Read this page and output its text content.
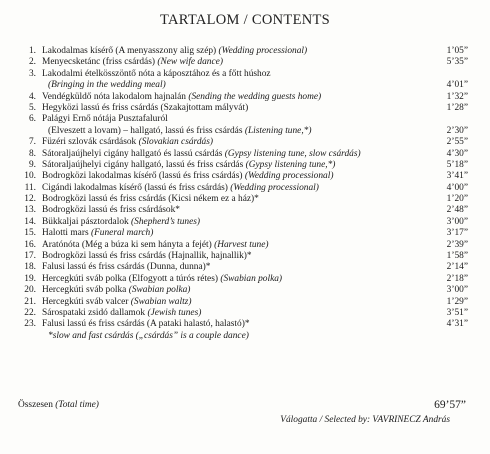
TARTALOM / CONTENTS
1. Lakodalmas kísérő (A menyasszony alig szép) (Wedding processional)	1’05”
2. Menyecsketánc (friss csárdás) (New wife dance)	5’35”
3. Lakodalmi ételkösszöntő nóta a káposztához és a főtt húshoz
(Bringing in the wedding meal)	4’01”
4. Vendégküldő nóta lakodalom hajnalán (Sending the wedding guests home)	1’32”
5. Hegyközi lassú és friss csárdás (Szakajtottam mályvát)	1’28”
6. Palágyi Ernő nótája Pusztafaluról
(Elveszett a lovam) – hallgató, lassú és friss csárdás (Listening tune,*)	2’30”
7. Füzéri szlovák csárdások (Slovakian csárdás)	2’55”
8. Sátoraljaújhelyi cigány hallgató és lassú csárdás (Gypsy listening tune, slow csárdás)	4’30”
9. Sátoraljaújhelyi cigány hallgató, lassú és friss csárdás (Gypsy listening tune,*)	5’18”
10. Bodrogközi lakodalmas kísérő (lassú és friss csárdás) (Wedding processional)	3’41”
11. Cigándi lakodalmas kísérő (lassú és friss csárdás) (Wedding processional)	4’00”
12. Bodrogközi lassú és friss csárdás (Kicsi nékem ez a ház)*	1’20”
13. Bodrogközi lassú és friss csárdások*	2’48”
14. Bükkaljai pásztordalok (Shepherd’s tunes)	3’00”
15. Halotti mars (Funeral march)	3’17”
16. Aratónóta (Még a búza ki sem hányta a fejét) (Harvest tune)	2’39”
17. Bodrogközi lassú és friss csárdás (Hajnallik, hajnallik)*	1’58”
18. Falusi lassú és friss csárdás (Dunna, dunna)*	2’14”
19. Hercegkúti sváb polka (Elfogyott a túrós rétes) (Swabian polka)	2’18”
20. Hercegkúti sváb polka (Swabian polka)	3’00”
21. Hercegkúti sváb valcer (Swabian waltz)	1’29”
22. Sárospataki zsidó dallamok (Jewish tunes)	3’51”
23. Falusi lassú és friss csárdás (A pataki halastó, halastó)*	4’31”
*slow and fast csárdás („csárdás” is a couple dance)
Összesen (Total time)	69’57”
Válogatta / Selected by: VAVRINECZ András
